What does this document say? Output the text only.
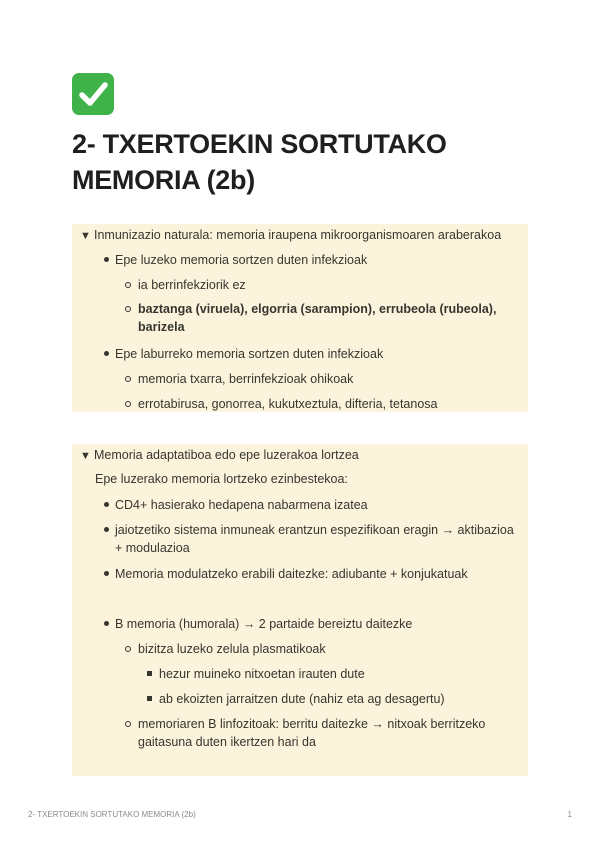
2- TXERTOEKIN SORTUTAKO MEMORIA (2b)
▼ Inmunizazio naturala: memoria iraupena mikroorganismoaren araberakoa
Epe luzeko memoria sortzen duten infekzioak
ia berrinfekziorik ez
baztanga (viruela), elgorria (sarampion), errubeola (rubeola),
barizela
Epe laburreko memoria sortzen duten infekzioak
memoria txarra, berrinfekzioak ohikoak
errotabirusa, gonorrea, kukutxeztula, difteria, tetanosa
▼ Memoria adaptatiboa edo epe luzerakoa lortzea
Epe luzerako memoria lortzeko ezinbestekoa:
CD4+ hasierako hedapena nabarmena izatea
jaiotzetiko sistema inmuneak erantzun espezifikoan eragin → aktibazioa
+ modulazioa
Memoria modulatzeko erabili daitezke: adiubante + konjukatuak
B memoria (humorala) → 2 partaide bereiztu daitezke
bizitza luzeko zelula plasmatikoak
hezur muineko nitxoetan irauten dute
ab ekoizten jarraitzen dute (nahiz eta ag desagertu)
memoriaren B linfozitoak: berritu daitezke → nitxoak berritzeko
gaitasuna duten ikertzen hari da
2- TXERTOEKIN SORTUTAKO MEMORIA (2b)	1
